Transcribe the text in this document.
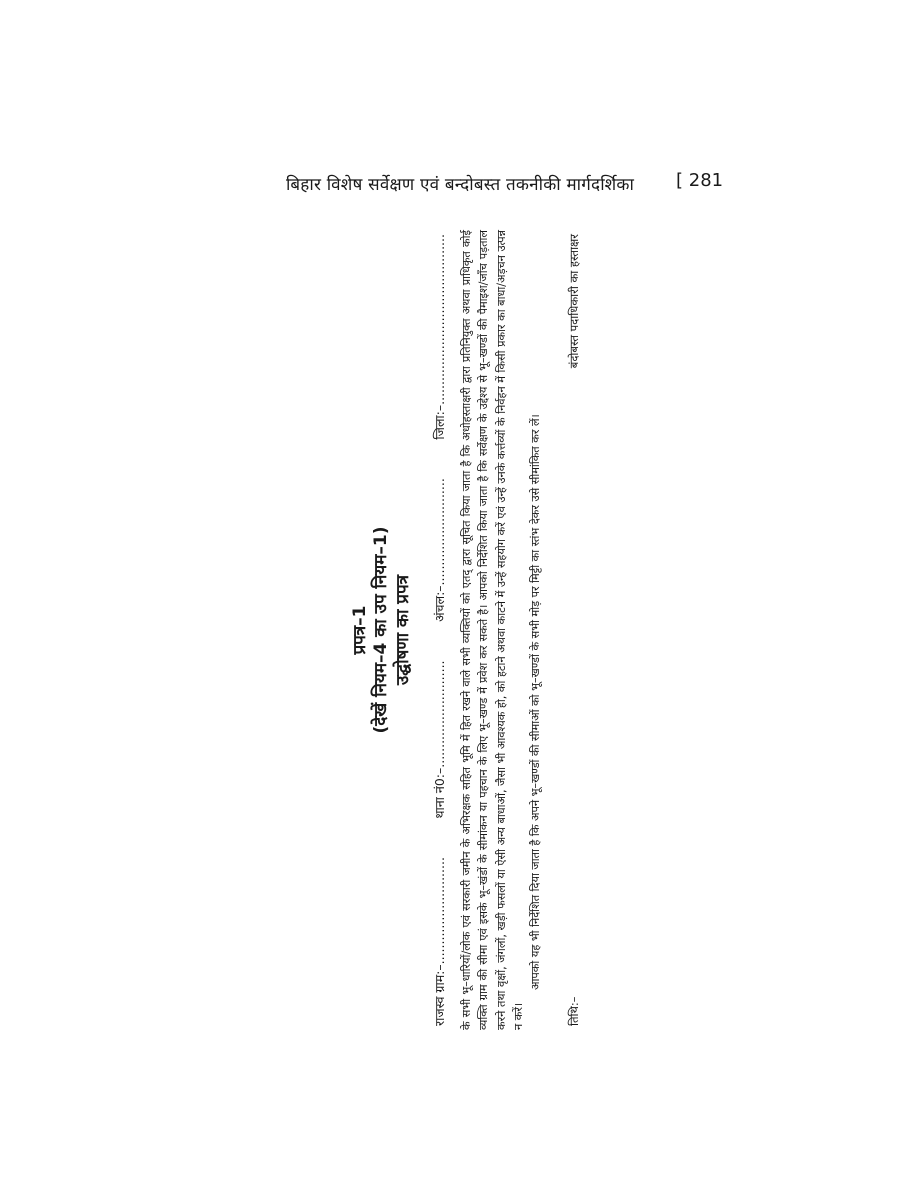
बिहार विशेष सर्वेक्षण एवं बन्दोबस्त तकनीकी मार्गदर्शिका [ 281
प्रपत्र–1 (देखें नियम–4 का उप नियम–1) उद्घोषणा का प्रपत्र
राजस्व ग्राम:–...........................
थाना नं0:–...........................
अंचल:–...........................
जिला:–........................................... के सभी भू–धारियों/लोक एवं सरकारी जमीन के अभिरक्षक सहित भूमि में हित रखने वाले सभी व्यक्तियों को एतद् द्वारा सूचित किया जाता है कि अधोहस्ताक्षरी द्वारा प्रतिनियुक्त अथवा प्राधिकृत कोई व्यक्ति ग्राम की सीमा एवं इसके भू–खंडों के सीमांकन या पहचान के लिए भू–खण्ड में प्रवेश कर सकते है। आपको निर्देशित किया जाता है कि सर्वेक्षण के उद्देश्य से भू–खण्डों की पैमाइश/जाँच पड़ताल करने तथा वृक्षों, जंगलों, खड़ी फसलों या ऐसी अन्य बाधाओं, जैसा भी आवश्यक हो, को हटाने अथवा काटने में उन्हें सहयोग करें एवं उन्हें उनके कर्त्तव्यों के निर्वहन में किसी प्रकार का बाधा/अड़चन उत्पन्न न करें।

आपको यह भी निर्देशित दिया जाता है कि अपने भू–खण्डों की सीमाओं को भू–खण्डों के सभी मोड़ पर मिट्टी का स्तंभ देकर उसे सीमांकित कर लें।

तिथि:–
बंदोबस्त पदाधिकारी का हस्ताक्षर
